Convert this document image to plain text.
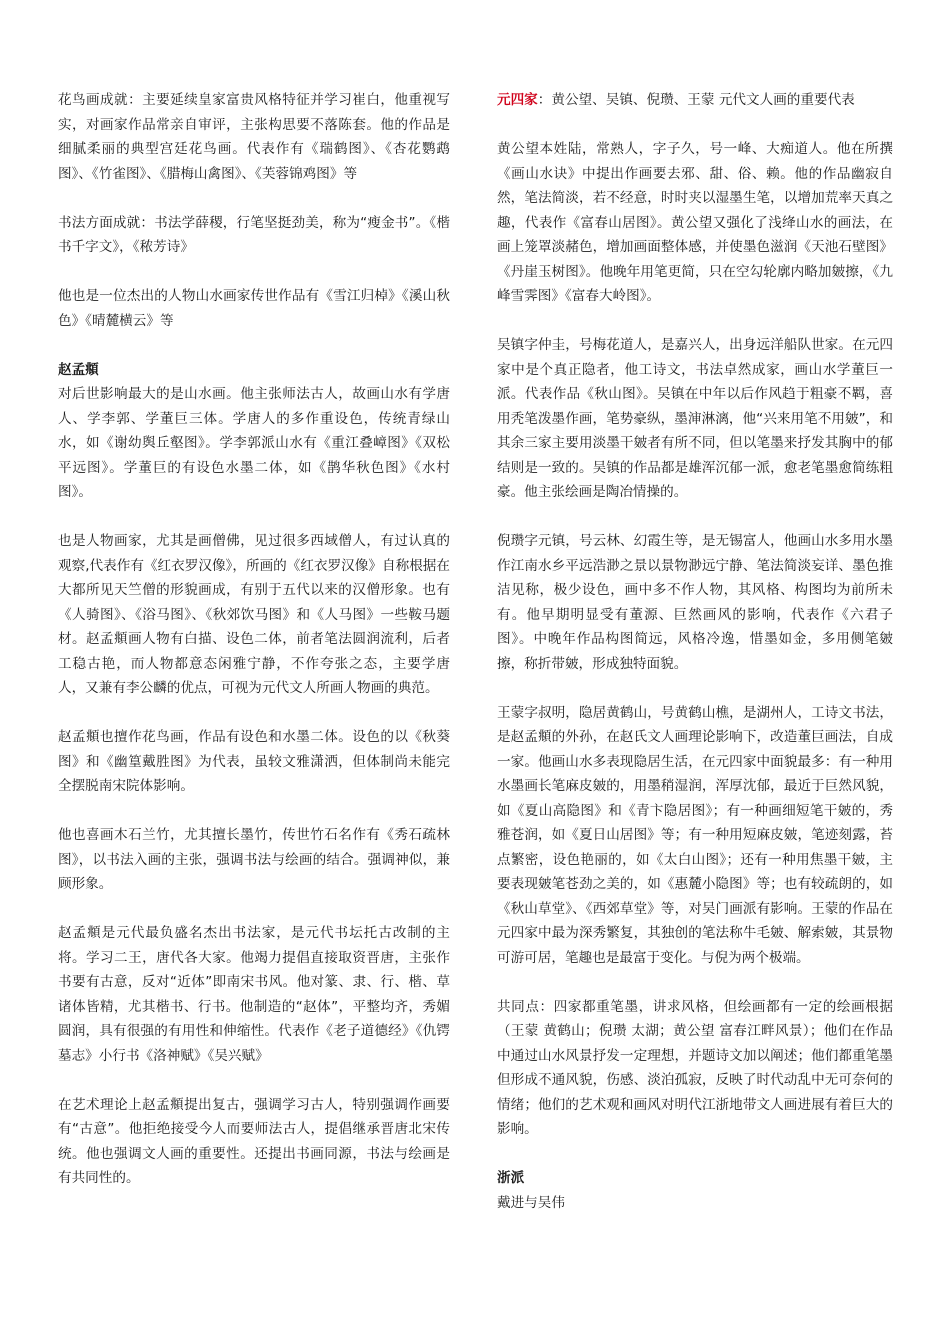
花鸟画成就：主要延续皇家富贵风格特征并学习崔白，他重视写实，对画家作品常亲自审评，主张构思要不落陈套。他的作品是细腻柔丽的典型宫廷花鸟画。代表作有《瑞鹤图》、《杏花鹦鹉图》、《竹雀图》、《腊梅山禽图》、《芙蓉锦鸡图》等

书法方面成就：书法学薛稷，行笔坚挺劲美，称为“瘦金书”。《楷书千字文》，《秾芳诗》

他也是一位杰出的人物山水画家传世作品有《雪江归棹》《溪山秋色》《晴麓横云》等

赵孟頫

对后世影响最大的是山水画。他主张师法古人，故画山水有学唐人、学李郭、学董巨三体。学唐人的多作重设色，传统青绿山水，如《谢幼舆丘壑图》。学李郭派山水有《重江叠嶂图》《双松平远图》。学董巨的有设色水墨二体，如《鹊华秋色图》《水村图》。

也是人物画家，尤其是画僧佛，见过很多西域僧人，有过认真的观察,代表作有《红衣罗汉像》，所画的《红衣罗汉像》自称根据在大都所见天竺僧的形貌画成，有别于五代以来的汉僧形象。也有《人骑图》、《浴马图》、《秋郊饮马图》和《人马图》一些鞍马题材。赵孟頫画人物有白描、设色二体，前者笔法圆润流利，后者工稳古艳，而人物都意态闲雅宁静，不作夸张之态，主要学唐人，又兼有李公麟的优点，可视为元代文人所画人物画的典范。

赵孟頫也擅作花鸟画，作品有设色和水墨二体。设色的以《秋葵图》和《幽篁戴胜图》为代表，虽较文雅潇洒，但体制尚未能完全摆脱南宋院体影响。

他也喜画木石兰竹，尤其擅长墨竹，传世竹石名作有《秀石疏林图》，以书法入画的主张，强调书法与绘画的结合。强调神似，兼顾形象。

赵孟頫是元代最负盛名杰出书法家，是元代书坛托古改制的主将。学习二王，唐代各大家。他竭力提倡直接取资晋唐，主张作书要有古意，反对“近体”即南宋书风。他对篆、隶、行、楷、草诸体皆精，尤其楷书、行书。他制造的“赵体”，平整均齐，秀媚圆润，具有很强的有用性和伸缩性。代表作《老子道德经》《仇锷墓志》小行书《洛神赋》《吴兴赋》

在艺术理论上赵孟頫提出复古，强调学习古人，特别强调作画要有“古意”。他拒绝接受今人而要师法古人，提倡继承晋唐北宋传统。他也强调文人画的重要性。还提出书画同源，书法与绘画是有共同性的。

元四家：黄公望、吴镇、倪瓒、王蒙 元代文人画的重要代表

黄公望本姓陆，常熟人，字子久，号一峰、大痴道人。他在所撰《画山水诀》中提出作画要去邪、甜、俗、赖。他的作品幽寂自然，笔法简淡，若不经意，时时夹以湿墨生笔，以增加荒率天真之趣，代表作《富春山居图》。黄公望又强化了浅绛山水的画法，在画上笼罩淡赭色，增加画面整体感，并使墨色滋润《天池石壁图》《丹崖玉树图》。他晚年用笔更简，只在空勾轮廓内略加皴擦，《九峰雪霁图》《富春大岭图》。

吴镇字仲圭，号梅花道人，是嘉兴人，出身远洋船队世家。在元四家中是个真正隐者，他工诗文，书法卓然成家，画山水学董巨一派。代表作品《秋山图》。吴镇在中年以后作风趋于粗豪不羁，喜用秃笔泼墨作画，笔势豪纵，墨渖淋漓，他“兴来用笔不用皴”，和其余三家主要用淡墨干皴者有所不同，但以笔墨来抒发其胸中的郁结则是一致的。吴镇的作品都是雄浑沉郁一派，愈老笔墨愈简练粗豪。他主张绘画是陶冶情操的。

倪瓒字元镇，号云林、幻霞生等，是无锡富人，他画山水多用水墨作江南水乡平远浩渺之景以景物渺远宁静、笔法简淡妄详、墨色推洁见称，极少设色，画中多不作人物，其风格、构图均为前所未有。他早期明显受有董源、巨然画风的影响，代表作《六君子图》。中晚年作品构图简远，风格冷逸，惜墨如金，多用侧笔皴擦，称折带皴，形成独特面貌。

王蒙字叔明，隐居黄鹤山，号黄鹤山樵，是湖州人，工诗文书法，是赵孟頫的外孙，在赵氏文人画理论影响下，改造董巨画法，自成一家。他画山水多表现隐居生活，在元四家中面貌最多：有一种用水墨画长笔麻皮皴的，用墨稍湿润，浑厚沈郁，最近于巨然风貌，如《夏山高隐图》和《青卞隐居图》；有一种画细短笔干皴的，秀雅苍润，如《夏日山居图》等；有一种用短麻皮皴，笔迹刻露，苔点繁密，设色艳丽的，如《太白山图》；还有一种用焦墨干皴，主要表现皴笔苍劲之美的，如《惠麓小隐图》等；也有较疏朗的，如《秋山草堂》、《西郊草堂》等，对吴门画派有影响。王蒙的作品在元四家中最为深秀繁复，其独创的笔法称牛毛皴、解索皴，其景物可游可居，笔趣也是最富于变化。与倪为两个极端。

共同点：四家都重笔墨，讲求风格，但绘画都有一定的绘画根据（王蒙 黄鹤山；倪瓒 太湖；黄公望 富春江畔风景）；他们在作品中通过山水风景抒发一定理想，并题诗文加以阐述；他们都重笔墨但形成不通风貌，伤感、淡泊孤寂，反映了时代动乱中无可奈何的情绪；他们的艺术观和画风对明代江浙地带文人画进展有着巨大的影响。

浙派

戴进与吴伟
